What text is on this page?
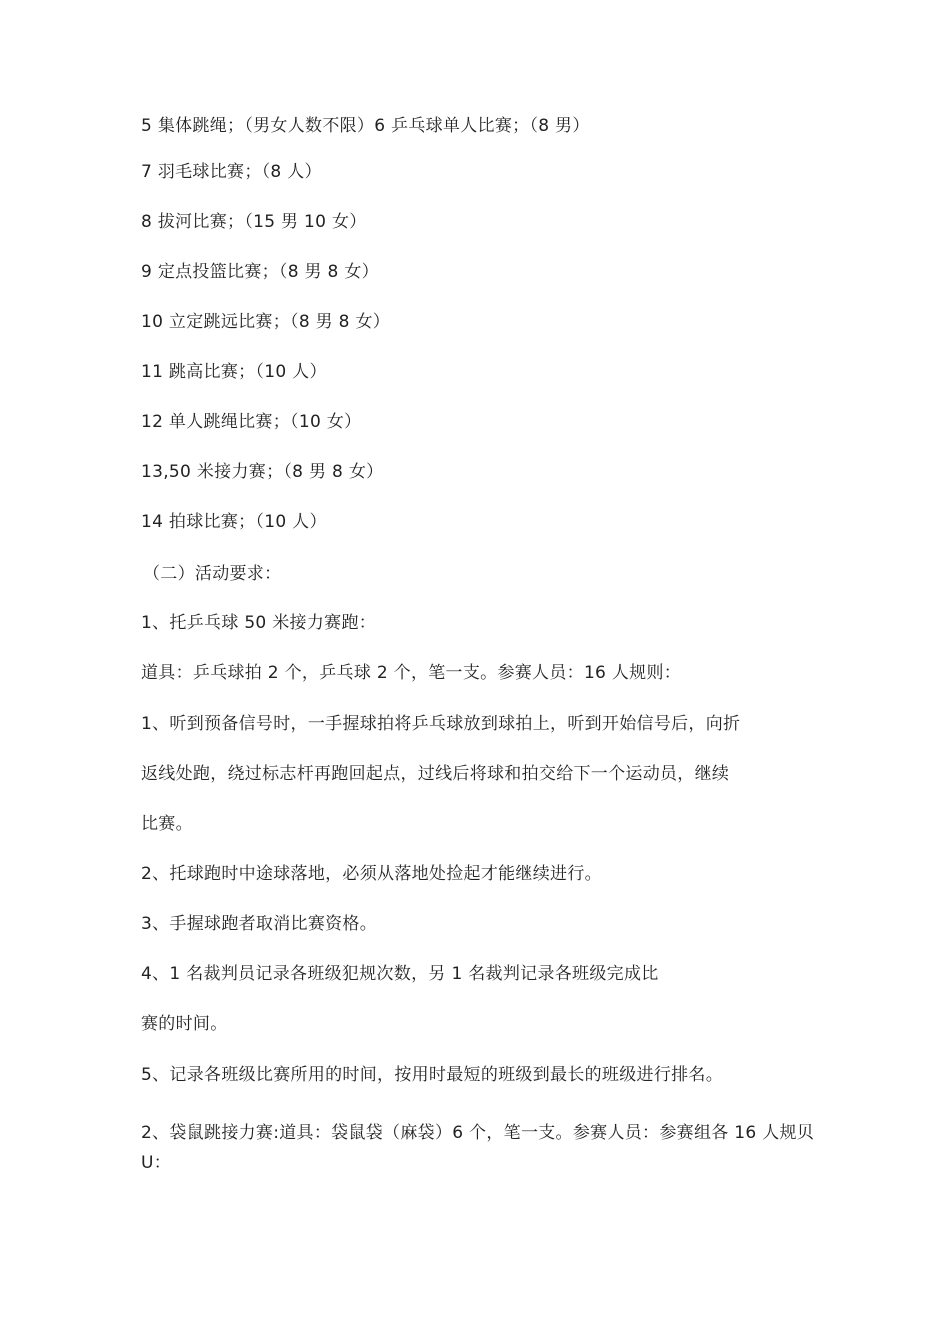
5 集体跳绳；（男女人数不限）6 乒乓球单人比赛；（8 男）
7 羽毛球比赛；（8 人）
8 拔河比赛；（15 男 10 女）
9 定点投篮比赛；（8 男 8 女）
10 立定跳远比赛；（8 男 8 女）
11 跳高比赛；（10 人）
12 单人跳绳比赛；（10 女）
13,50 米接力赛；（8 男 8 女）
14 拍球比赛；（10 人）
（二）活动要求：
1、托乒乓球 50 米接力赛跑：
道具：乒乓球拍 2 个，乒乓球 2 个，笔一支。参赛人员：16 人规则：
1、听到预备信号时，一手握球拍将乒乓球放到球拍上，听到开始信号后，向折
返线处跑，绕过标志杆再跑回起点，过线后将球和拍交给下一个运动员，继续
比赛。
2、托球跑时中途球落地，必须从落地处捡起才能继续进行。
3、手握球跑者取消比赛资格。
4、1 名裁判员记录各班级犯规次数，另 1 名裁判记录各班级完成比
赛的时间。
5、记录各班级比赛所用的时间，按用时最短的班级到最长的班级进行排名。
2、袋鼠跳接力赛:道具：袋鼠袋（麻袋）6 个，笔一支。参赛人员：参赛组各 16 人规贝 U：
